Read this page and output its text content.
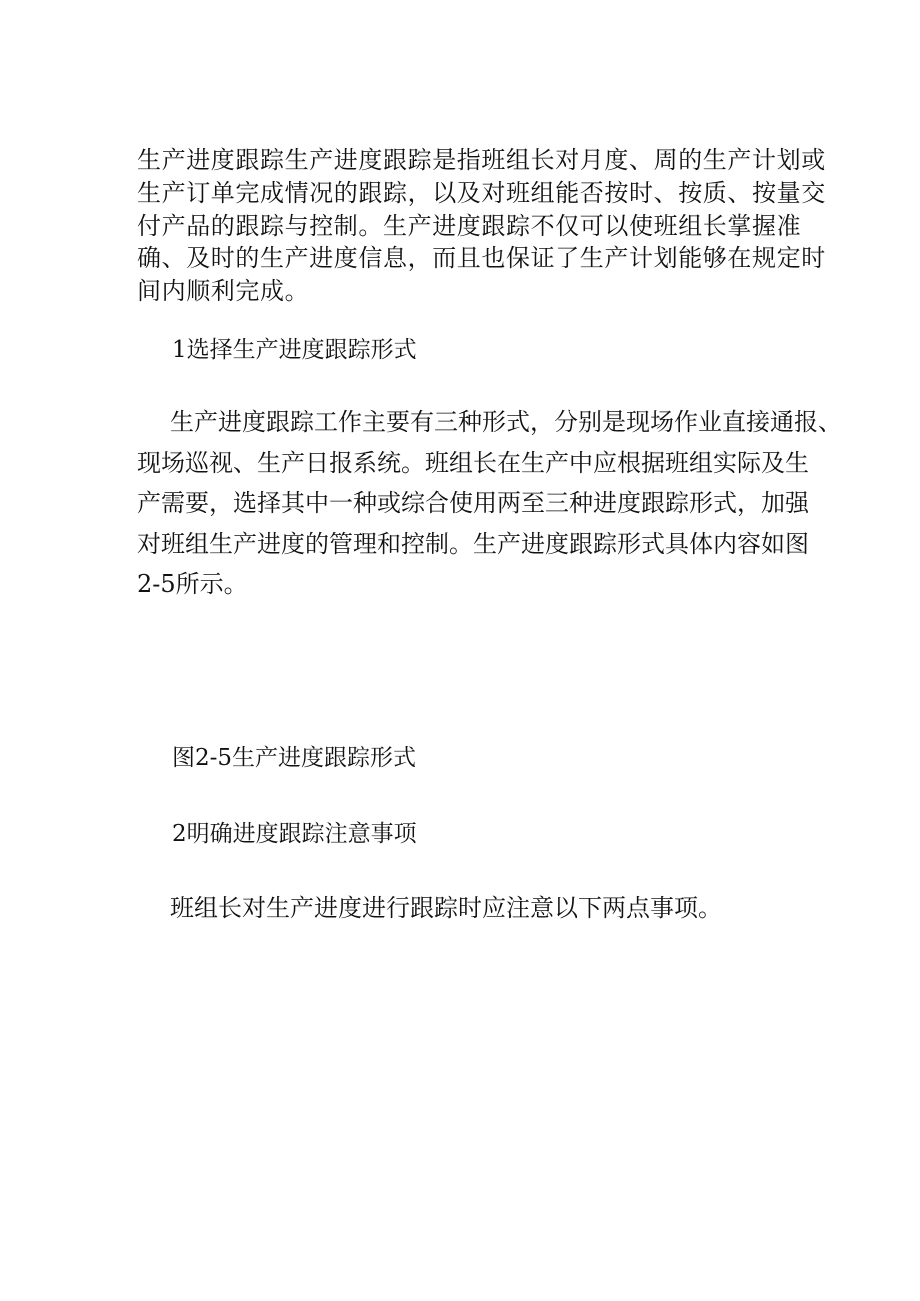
生产进度跟踪生产进度跟踪是指班组长对月度、周的生产计划或
生产订单完成情况的跟踪，以及对班组能否按时、按质、按量交
付产品的跟踪与控制。生产进度跟踪不仅可以使班组长掌握准
确、及时的生产进度信息，而且也保证了生产计划能够在规定时
间内顺利完成。

1选择生产进度跟踪形式

生产进度跟踪工作主要有三种形式，分别是现场作业直接通报、
现场巡视、生产日报系统。班组长在生产中应根据班组实际及生
产需要，选择其中一种或综合使用两至三种进度跟踪形式，加强
对班组生产进度的管理和控制。生产进度跟踪形式具体内容如图
2-5所示。

图2-5生产进度跟踪形式

2明确进度跟踪注意事项

班组长对生产进度进行跟踪时应注意以下两点事项。
